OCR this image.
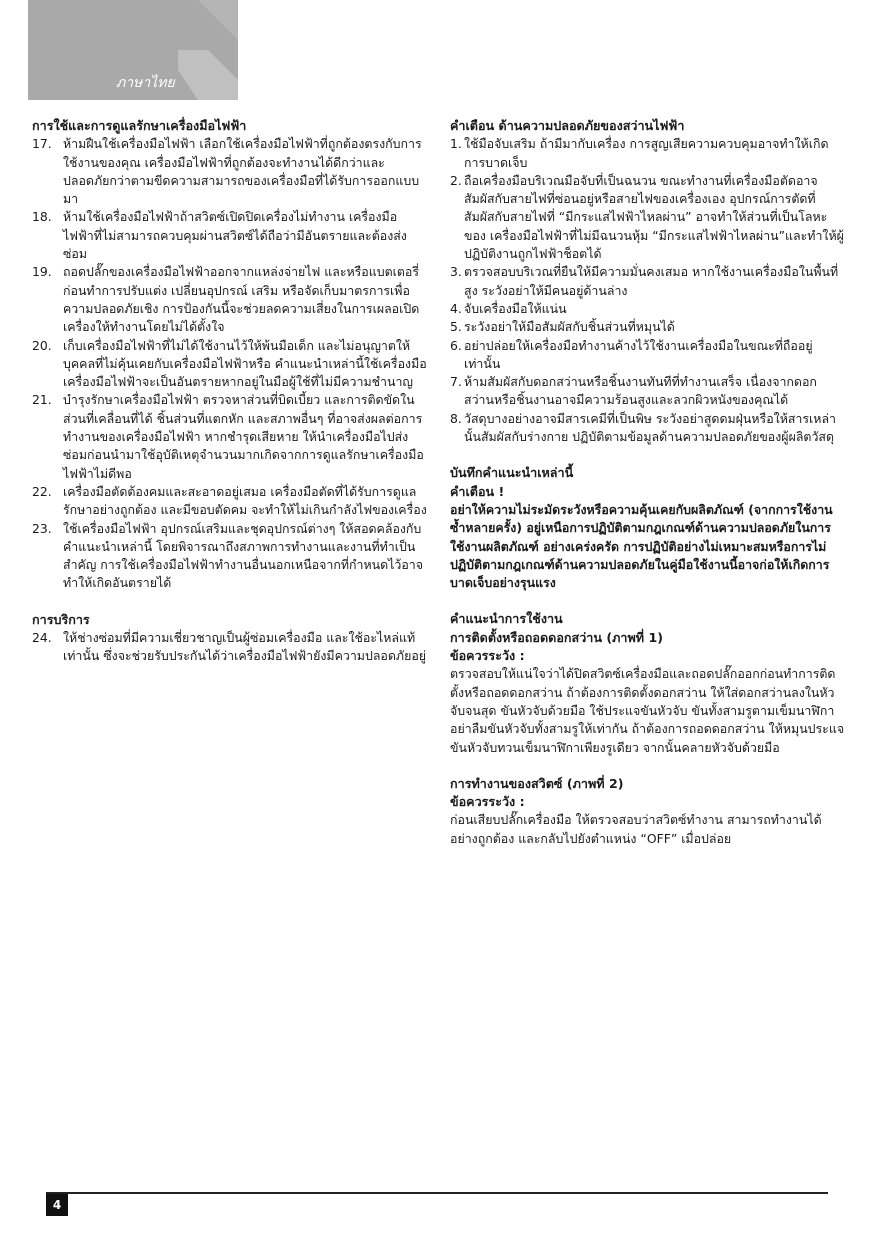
ภาษาไทย
การใช้และการดูแลรักษาเครื่องมือไฟฟ้า
17. ห้ามฝืนใช้เครื่องมือไฟฟ้า เลือกใช้เครื่องมือไฟฟ้าที่ถูกต้องตรงกับการใช้งานของคุณ เครื่องมือไฟฟ้าที่ถูกต้องจะทำงานได้ดีกว่าและปลอดภัยกว่าตามขีดความสามารถของเครื่องมือที่ได้รับการออกแบบมา
18. ห้ามใช้เครื่องมือไฟฟ้าถ้าสวิตซ์เปิดปิดเครื่องไม่ทำงาน เครื่องมือไฟฟ้าที่ไม่สามารถควบคุมผ่านสวิตซ์ได้ถือว่ามีอันตรายและต้องส่งซ่อม
19. ถอดปลั๊กของเครื่องมือไฟฟ้าออกจากแหล่งจ่ายไฟ และหรือแบตเตอรี่ก่อนทำการปรับแต่ง เปลี่ยนอุปกรณ์ เสริม หรือจัดเก็บมาตรการเพื่อความปลอดภัยเชิง การป้องกันนี้จะช่วยลดความเสี่ยงในการเผลอเปิดเครื่องให้ทำงานโดยไม่ได้ตั้งใจ
20. เก็บเครื่องมือไฟฟ้าที่ไม่ได้ใช้งานไว้ให้พ้นมือเด็ก และไม่อนุญาตให้บุคคลที่ไม่คุ้นเคยกับเครื่องมือไฟฟ้าหรือ คำแนะนำเหล่านี้ใช้เครื่องมือ เครื่องมือไฟฟ้าจะเป็นอันตรายหากอยู่ในมือผู้ใช้ที่ไม่มีความชำนาญ
21. บำรุงรักษาเครื่องมือไฟฟ้า ตรวจหาส่วนที่บิดเบี้ยว และการติดขัดในส่วนที่เคลื่อนที่ได้ ชิ้นส่วนที่แตกหัก และสภาพอื่นๆ ที่อาจส่งผลต่อการทำงานของเครื่องมือไฟฟ้า หากชำรุดเสียหาย ให้นำเครื่องมือไปส่งซ่อมก่อนนำมาใช้อุบัติเหตุจำนวนมากเกิดจากการดูแลรักษาเครื่องมือไฟฟ้าไม่ดีพอ
22. เครื่องมือตัดต้องคมและสะอาดอยู่เสมอ เครื่องมือตัดที่ได้รับการดูแลรักษาอย่างถูกต้อง และมีขอบตัดคม จะทำให้ไม่เกินกำลังไฟของเครื่อง
23. ใช้เครื่องมือไฟฟ้า อุปกรณ์เสริมและชุดอุปกรณ์ต่างๆ ให้สอดคล้องกับคำแนะนำเหล่านี้ โดยพิจารณาถึงสภาพการทำงานและงานที่ทำเป็นสำคัญ การใช้เครื่องมือไฟฟ้าทำงานอื่นนอกเหนือจากที่กำหนดไว้อาจทำให้เกิดอันตรายได้
การบริการ
24. ให้ช่างซ่อมที่มีความเชี่ยวชาญเป็นผู้ซ่อมเครื่องมือ และใช้อะไหล่แท้เท่านั้น ซึ่งจะช่วยรับประกันได้ว่าเครื่องมือไฟฟ้ายังมีความปลอดภัยอยู่
คำเตือน ด้านความปลอดภัยของสว่านไฟฟ้า
1. ใช้มือจับเสริม ถ้ามีมากับเครื่อง การสูญเสียความควบคุมอาจทำให้เกิดการบาดเจ็บ
2. ถือเครื่องมือบริเวณมือจับที่เป็นฉนวน ขณะทำงานที่เครื่องมือตัดอาจสัมผัสกับสายไฟที่ซ่อนอยู่หรือสายไฟของเครื่องเอง อุปกรณ์การตัดที่สัมผัสกับสายไฟที่ “มีกระแสไฟฟ้าไหลผ่าน” อาจทำให้ส่วนที่เป็นโลหะของ เครื่องมือไฟฟ้าที่ไม่มีฉนวนหุ้ม “มีกระแสไฟฟ้าไหลผ่าน”และทำให้ผู้ปฏิบัติงานถูกไฟฟ้าช็อตได้
3. ตรวจสอบบริเวณที่ยืนให้มีความมั่นคงเสมอ หากใช้งานเครื่องมือในพื้นที่สูง ระวังอย่าให้มีคนอยู่ด้านล่าง
4. จับเครื่องมือให้แน่น
5. ระวังอย่าให้มือสัมผัสกับชิ้นส่วนที่หมุนได้
6. อย่าปล่อยให้เครื่องมือทำงานค้างไว้ใช้งานเครื่องมือในขณะที่ถืออยู่เท่านั้น
7. ห้ามสัมผัสกับดอกสว่านหรือชิ้นงานทันทีที่ทำงานเสร็จ เนื่องจากดอกสว่านหรือชิ้นงานอาจมีความร้อนสูงและลวกผิวหนังของคุณได้
8. วัสดุบางอย่างอาจมีสารเคมีที่เป็นพิษ ระวังอย่าสูดดมฝุ่นหรือให้สารเหล่านั้นสัมผัสกับร่างกาย ปฏิบัติตามข้อมูลด้านความปลอดภัยของผู้ผลิตวัสดุ
บันทึกคำแนะนำเหล่านี้
คำเตือน !

อย่าให้ความไม่ระมัดระวังหรือความคุ้นเคยกับผลิตภัณฑ์ (จากการใช้งานซ้ำหลายครั้ง) อยู่เหนือการปฏิบัติตามกฎเกณฑ์ด้านความปลอดภัยในการใช้งานผลิตภัณฑ์ อย่างเคร่งครัด การปฏิบัติอย่างไม่เหมาะสมหรือการไม่ปฏิบัติตามกฎเกณฑ์ด้านความปลอดภัยในคู่มือใช้งานนี้อาจก่อให้เกิดการบาดเจ็บอย่างรุนแรง

คำแนะนำการใช้งาน
การติดตั้งหรือถอดดอกสว่าน (ภาพที่ 1)
ข้อควรระวัง :

ตรวจสอบให้แน่ใจว่าได้ปิดสวิตซ์เครื่องมือและถอดปลั๊กออกก่อนทำการติดตั้งหรือถอดดอกสว่าน ถ้าต้องการติดตั้งดอกสว่าน ให้ใส่ดอกสว่านลงในหัวจับจนสุด ขันหัวจับด้วยมือ ใช้ประแจขันหัวจับ ขันทั้งสามรูตามเข็มนาฬิกา อย่าลืมขันหัวจับทั้งสามรูให้เท่ากัน ถ้าต้องการถอดดอกสว่าน ให้หมุนประแจขันหัวจับทวนเข็มนาฬิกาเพียงรูเดียว จากนั้นคลายหัวจับด้วยมือ

การทำงานของสวิตซ์ (ภาพที่ 2)
ข้อควรระวัง :

ก่อนเสียบปลั๊กเครื่องมือ ให้ตรวจสอบว่าสวิตซ์ทำงาน สามารถทำงานได้อย่างถูกต้อง และกลับไปยังตำแหน่ง “OFF” เมื่อปล่อย

4
